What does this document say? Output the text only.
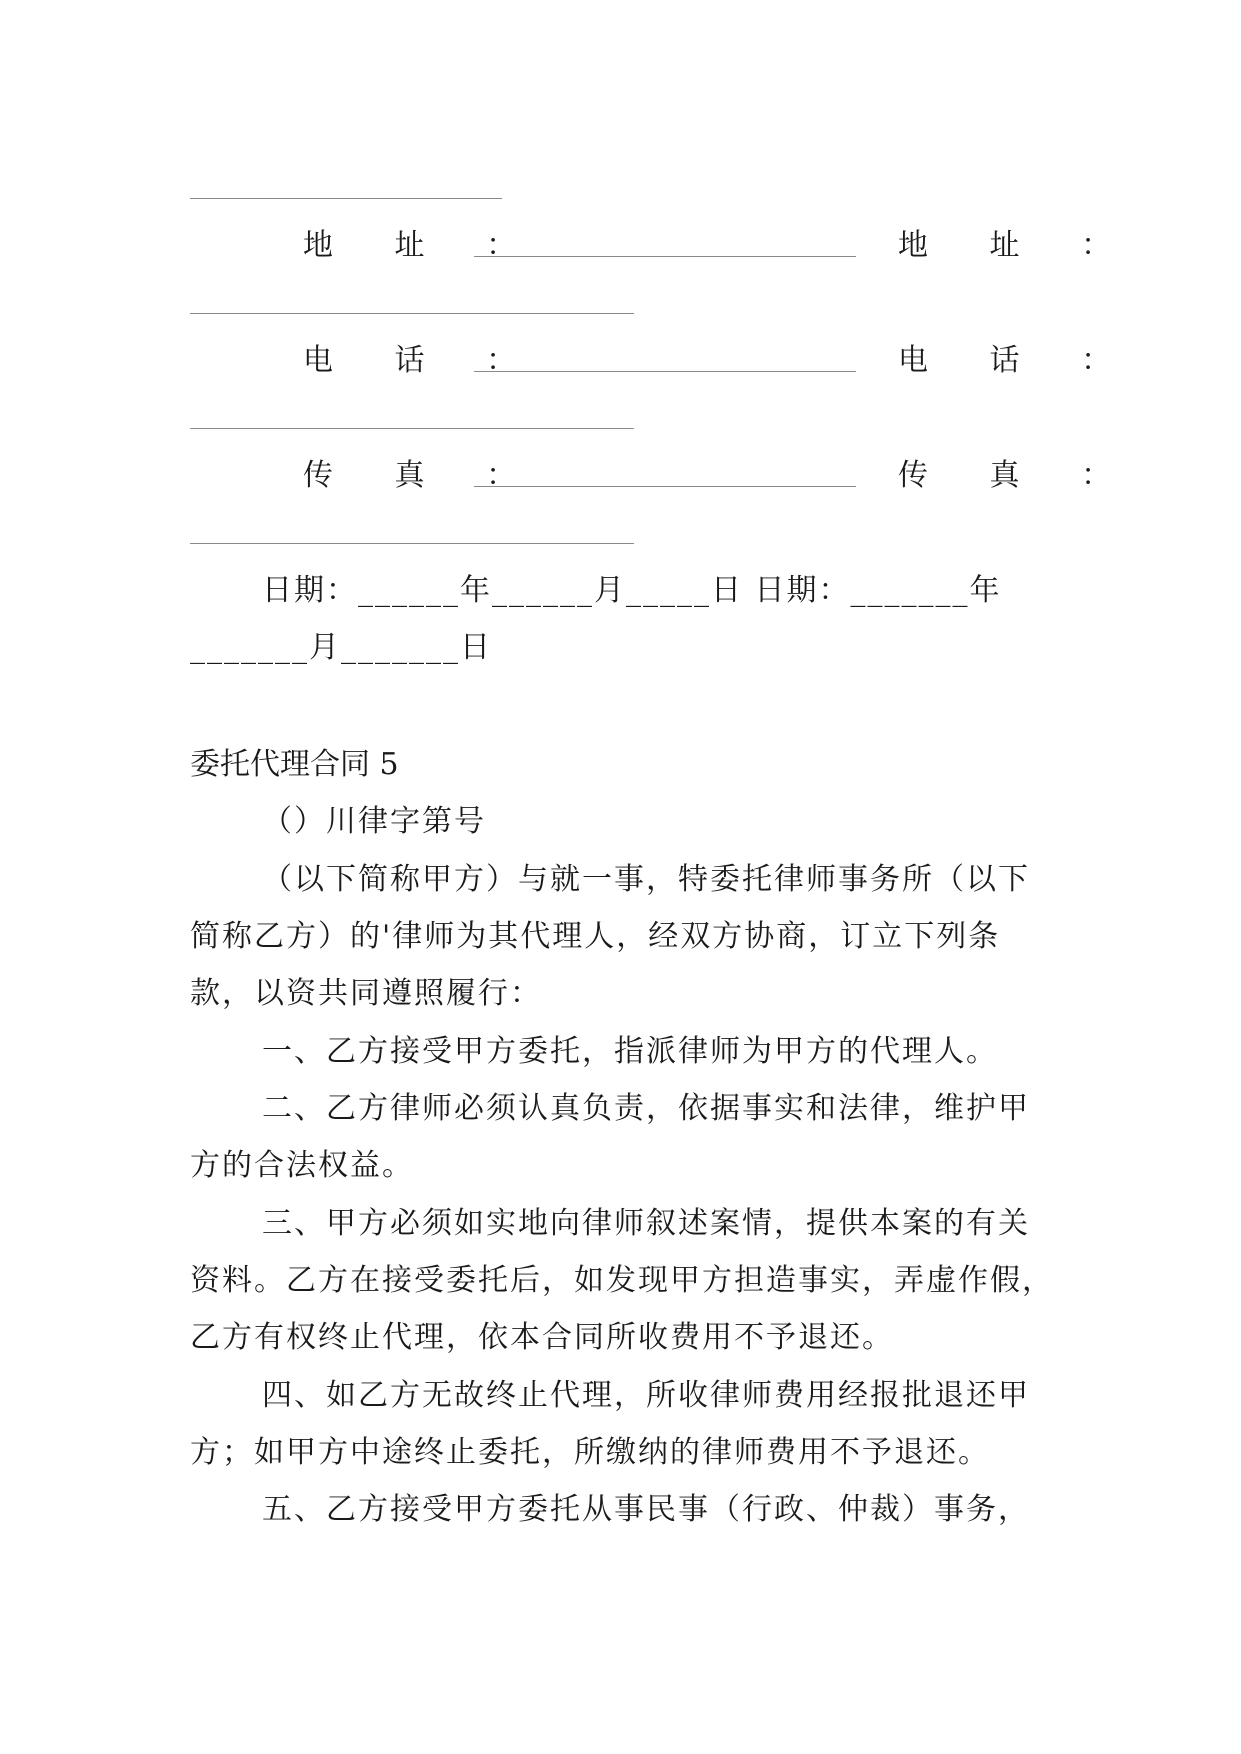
地 址 ：	地 址 ：
电 话 ：	电 话 ：
传 真 ：	传 真 ：
日期：______年______月_____日 日期：_______年
_______月_______日
委托代理合同 5
（）川律字第号
（以下简称甲方）与就一事，特委托律师事务所（以下
简称乙方）的'律师为其代理人，经双方协商，订立下列条
款，以资共同遵照履行：
一、乙方接受甲方委托，指派律师为甲方的代理人。
二、乙方律师必须认真负责，依据事实和法律，维护甲
方的合法权益。
三、甲方必须如实地向律师叙述案情，提供本案的有关
资料。乙方在接受委托后，如发现甲方担造事实，弄虚作假，
乙方有权终止代理，依本合同所收费用不予退还。
四、如乙方无故终止代理，所收律师费用经报批退还甲
方；如甲方中途终止委托，所缴纳的律师费用不予退还。
五、乙方接受甲方委托从事民事（行政、仲裁）事务，
